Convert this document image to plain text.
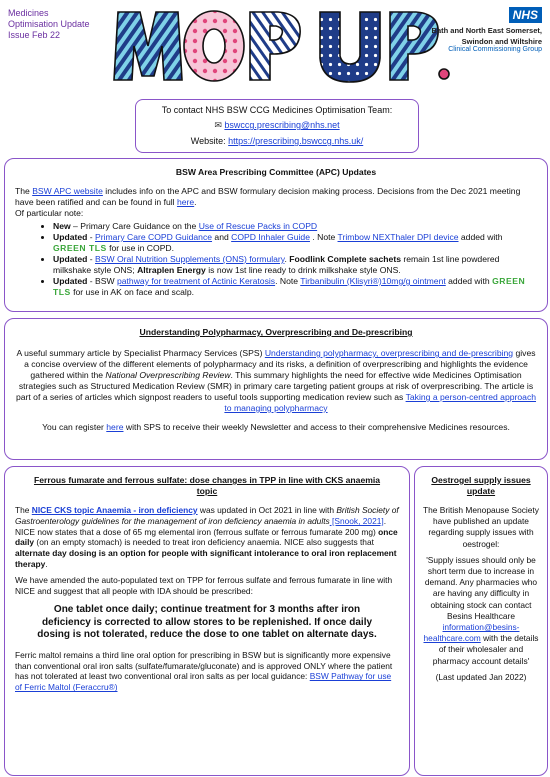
Medicines
Optimisation Update
Issue Feb 22
NHS
Bath and North East Somerset,
Swindon and Wiltshire
Clinical Commissioning Group
To contact NHS BSW CCG Medicines Optimisation Team:
✉ bswccg.prescribing@nhs.net
Website: https://prescribing.bswccg.nhs.uk/
BSW Area Prescribing Committee (APC) Updates
The BSW APC website includes info on the APC and BSW formulary decision making process. Decisions from the Dec 2021 meeting have been ratified and can be found in full here.
Of particular note:
• New – Primary Care Guidance on the Use of Rescue Packs in COPD
• Updated - Primary Care COPD Guidance and COPD Inhaler Guide . Note Trimbow NEXThaler DPI device added with GREEN TLS for use in COPD.
• Updated - BSW Oral Nutrition Supplements (ONS) formulary. Foodlink Complete sachets remain 1st line powdered milkshake style ONS; Altraplen Energy is now 1st line ready to drink milkshake style ONS.
• Updated - BSW pathway for treatment of Actinic Keratosis. Note Tirbanibulin (Klisyri®)10mg/g ointment added with GREEN TLS for use in AK on face and scalp.
Understanding Polypharmacy, Overprescribing and De-prescribing
A useful summary article by Specialist Pharmacy Services (SPS) Understanding polypharmacy, overprescribing and de-prescribing gives a concise overview of the different elements of polypharmacy and its risks, a definition of overprescribing and highlights the evidence gathered within the National Overprescribing Review. This summary highlights the need for effective wide Medicines Optimisation strategies such as Structured Medication Review (SMR) in primary care targeting patient groups at risk of overprescribing. The article is part of a series of articles which signpost readers to useful tools supporting medication review such as Taking a person-centred approach to managing polypharmacy
You can register here with SPS to receive their weekly Newsletter and access to their comprehensive Medicines resources.
Ferrous fumarate and ferrous sulfate: dose changes in TPP in line with CKS anaemia topic

The NICE CKS topic Anaemia - iron deficiency was updated in Oct 2021 in line with British Society of Gastroenterology guidelines for the management of iron deficiency anaemia in adults [Snook, 2021]. NICE now states that a dose of 65 mg elemental iron (ferrous sulfate or ferrous fumarate 200 mg) once daily (on an empty stomach) is needed to treat iron deficiency anaemia. NICE also suggests that alternate day dosing is an option for people with significant intolerance to oral iron replacement therapy.

We have amended the auto-populated text on TPP for ferrous sulfate and ferrous fumarate in line with NICE and suggest that all people with IDA should be prescribed:

One tablet once daily; continue treatment for 3 months after iron deficiency is corrected to allow stores to be replenished. If once daily dosing is not tolerated, reduce the dose to one tablet on alternate days.

Ferric maltol remains a third line oral option for prescribing in BSW but is significantly more expensive than conventional oral iron salts (sulfate/fumarate/gluconate) and is approved ONLY where the patient has not tolerated at least two conventional oral iron salts as per local guidance: BSW Pathway for use of Ferric Maltol (Feraccru®)

Oestrogel supply issues update

The British Menopause Society have published an update regarding supply issues with oestrogel:

'Supply issues should only be short term due to increase in demand. Any pharmacies who are having any difficulty in obtaining stock can contact Besins Healthcare information@besins-healthcare.com with the details of their wholesaler and pharmacy account details'

(Last updated Jan 2022)
